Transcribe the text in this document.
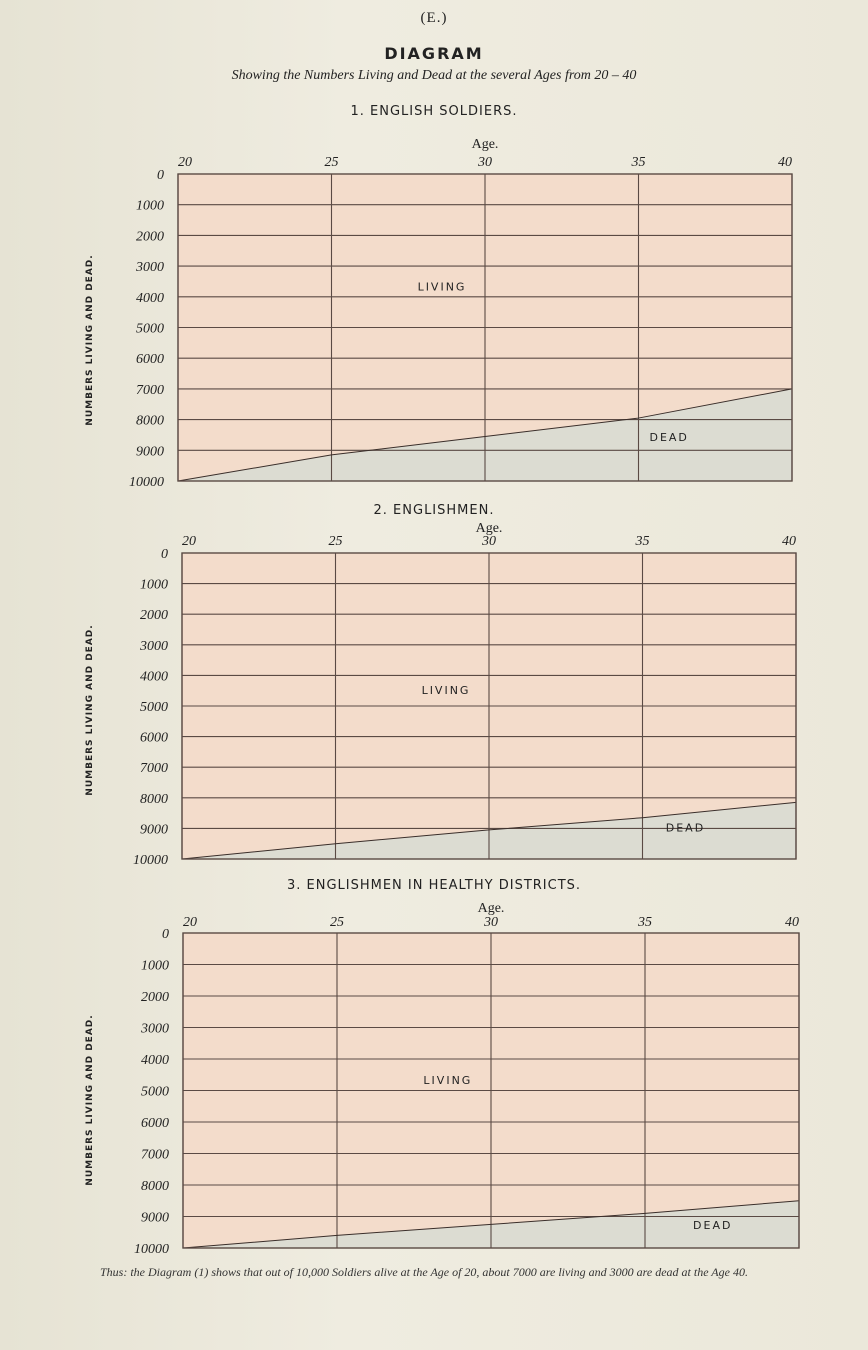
(E.)
DIAGRAM
Showing the Numbers Living and Dead at the several Ages from 20 – 40
1. ENGLISH SOLDIERS.
0
1000
2000
3000
4000
5000
6000
7000
8000
9000
10000
20	25	30	35	40
Age.
NUMBERS LIVING AND DEAD.	LIVING
DEAD
2. ENGLISHMEN.
0
1000
2000
3000
4000
5000
6000
7000
8000
9000
10000
20	25	30	35	40
Age.
NUMBERS LIVING AND DEAD.	LIVING
DEAD
3. ENGLISHMEN IN HEALTHY DISTRICTS.
0
1000
2000
3000
4000
5000
6000
7000
8000
9000
10000
20	25	30	35	40
Age.
NUMBERS LIVING AND DEAD.	LIVING
DEAD
Thus: the Diagram (1) shows that out of 10,000 Soldiers alive at the Age of 20, about 7000 are living and 3000 are dead at the Age 40.
